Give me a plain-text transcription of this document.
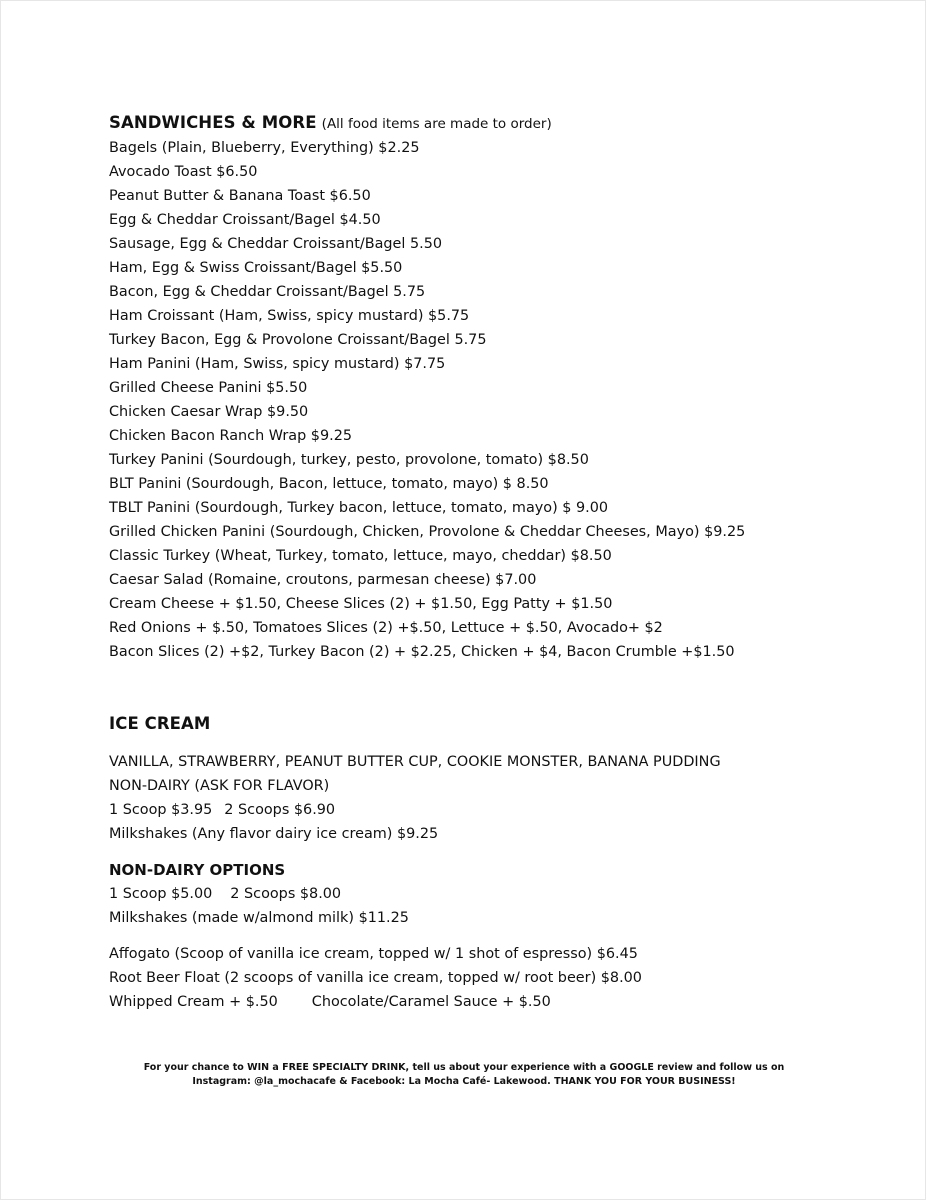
SANDWICHES & MORE (All food items are made to order)
Bagels (Plain, Blueberry, Everything) $2.25
Avocado Toast $6.50
Peanut Butter & Banana Toast $6.50
Egg & Cheddar Croissant/Bagel $4.50
Sausage, Egg & Cheddar Croissant/Bagel 5.50
Ham, Egg & Swiss Croissant/Bagel $5.50
Bacon, Egg & Cheddar Croissant/Bagel 5.75
Ham Croissant (Ham, Swiss, spicy mustard) $5.75
Turkey Bacon, Egg & Provolone Croissant/Bagel 5.75
Ham Panini (Ham, Swiss, spicy mustard) $7.75
Grilled Cheese Panini $5.50
Chicken Caesar Wrap $9.50
Chicken Bacon Ranch Wrap $9.25
Turkey Panini (Sourdough, turkey, pesto, provolone, tomato) $8.50
BLT Panini (Sourdough, Bacon, lettuce, tomato, mayo) $ 8.50
TBLT Panini (Sourdough, Turkey bacon, lettuce, tomato, mayo) $ 9.00
Grilled Chicken Panini (Sourdough, Chicken, Provolone & Cheddar Cheeses, Mayo) $9.25
Classic Turkey (Wheat, Turkey, tomato, lettuce, mayo, cheddar) $8.50
Caesar Salad (Romaine, croutons, parmesan cheese) $7.00
Cream Cheese + $1.50, Cheese Slices (2) + $1.50, Egg Patty + $1.50
Red Onions + $.50, Tomatoes Slices (2) +$.50, Lettuce + $.50, Avocado+ $2
Bacon Slices (2) +$2, Turkey Bacon (2) + $2.25, Chicken + $4, Bacon Crumble +$1.50
ICE CREAM
VANILLA, STRAWBERRY, PEANUT BUTTER CUP, COOKIE MONSTER, BANANA PUDDING
NON-DAIRY (ASK FOR FLAVOR)
1 Scoop $3.95 2 Scoops $6.90
Milkshakes (Any flavor dairy ice cream) $9.25
NON-DAIRY OPTIONS
1 Scoop $5.00 2 Scoops $8.00
Milkshakes (made w/almond milk) $11.25
Affogato (Scoop of vanilla ice cream, topped w/ 1 shot of espresso) $6.45
Root Beer Float (2 scoops of vanilla ice cream, topped w/ root beer) $8.00
Whipped Cream + $.50 Chocolate/Caramel Sauce + $.50
For your chance to WIN a FREE SPECIALTY DRINK, tell us about your experience with a GOOGLE review and follow us on
Instagram: @la_mochacafe & Facebook: La Mocha Café- Lakewood. THANK YOU FOR YOUR BUSINESS!
